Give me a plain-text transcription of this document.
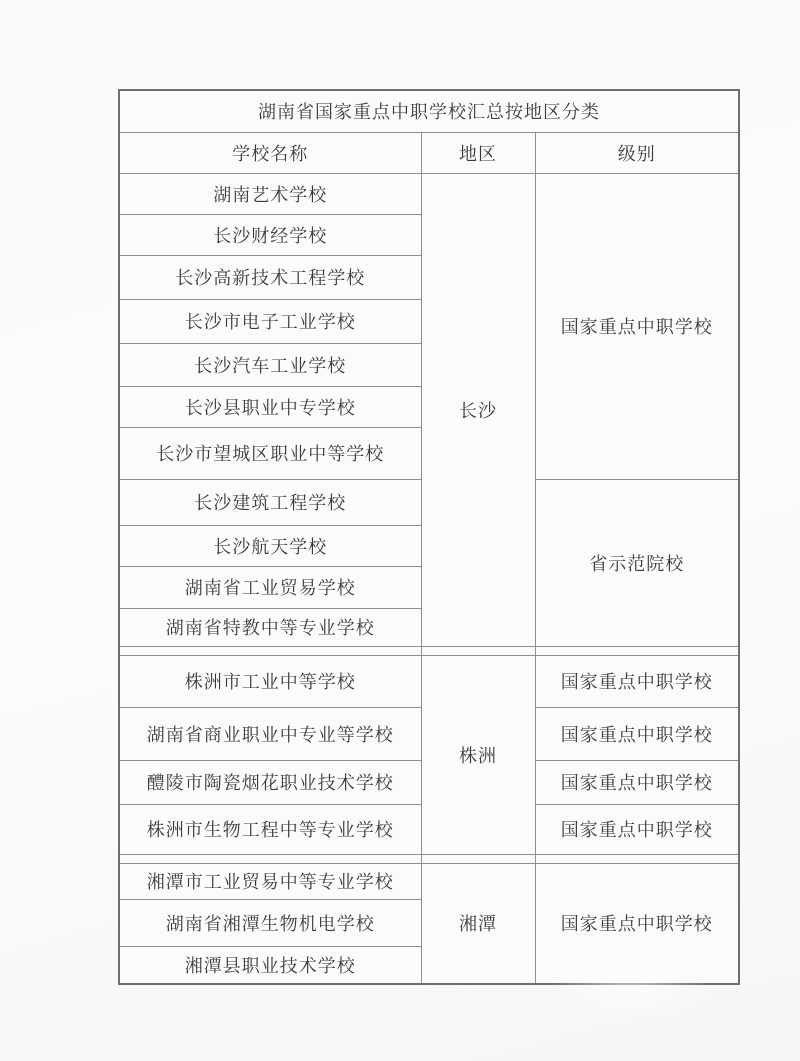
湖南省国家重点中职学校汇总按地区分类		
学校名称	地区	级别
湖南艺术学校	长沙	国家重点中职学校
长沙财经学校		
长沙高新技术工程学校		
长沙市电子工业学校		
长沙汽车工业学校		
长沙县职业中专学校		
长沙市望城区职业中等学校		
长沙建筑工程学校		省示范院校
长沙航天学校		
湖南省工业贸易学校		
湖南省特教中等专业学校		

株洲市工业中等学校	株洲	国家重点中职学校
湖南省商业职业中专业等学校		国家重点中职学校
醴陵市陶瓷烟花职业技术学校		国家重点中职学校
株洲市生物工程中等专业学校		国家重点中职学校

湘潭市工业贸易中等专业学校	湘潭	国家重点中职学校
湖南省湘潭生物机电学校		
湘潭县职业技术学校		
